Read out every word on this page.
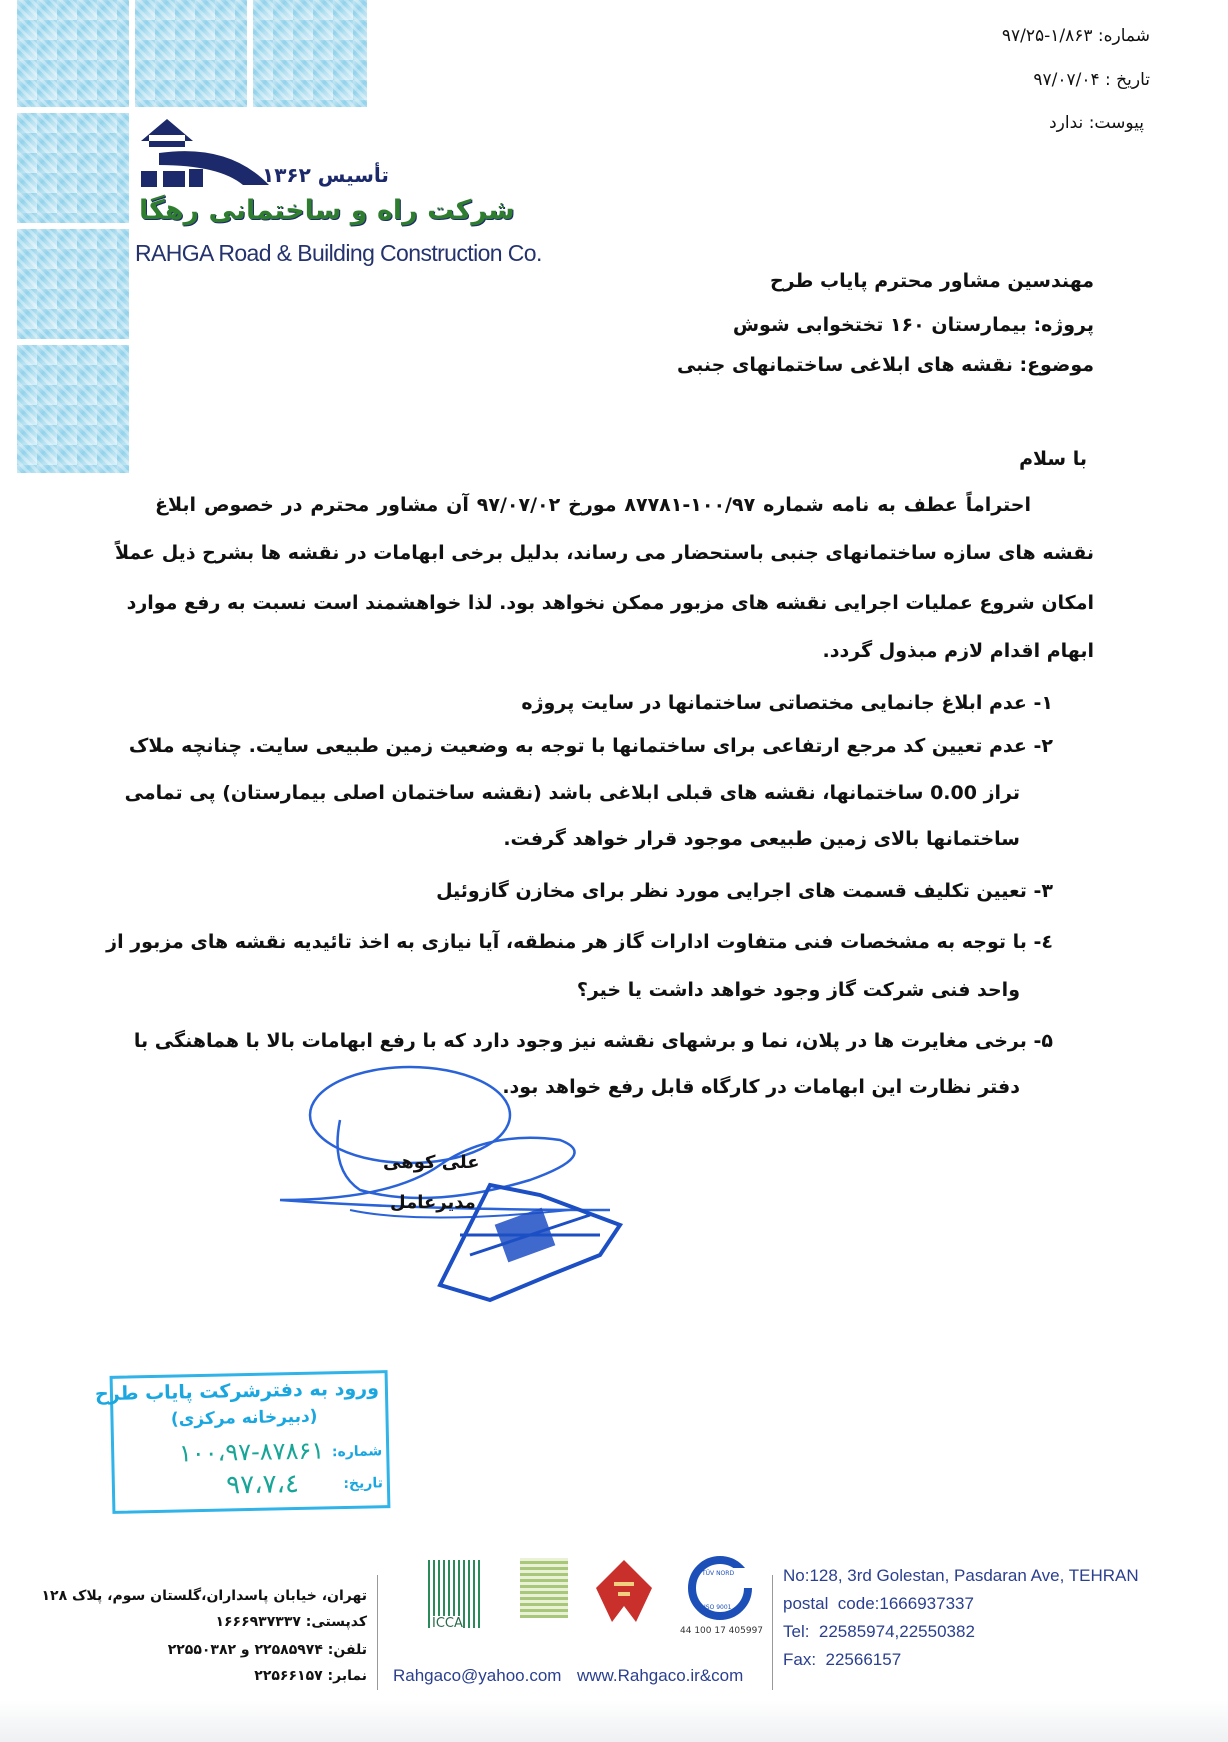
شماره: ۹۷/۲۵-۱/۸۶۳
تاریخ : ۹۷/۰۷/۰۴
پیوست: ندارد
تأسیس ۱۳۶۲
شرکت راه و ساختمانی رهگا
RAHGA Road & Building Construction Co.
مهندسین مشاور محترم پایاب طرح
پروژه: بیمارستان ۱۶۰ تختخوابی شوش
موضوع: نقشه های ابلاغی ساختمانهای جنبی
با سلام
احتراماً عطف به نامه شماره ۱۰۰/۹۷-۸۷۷۸۱ مورخ ۹۷/۰۷/۰۲ آن مشاور محترم در خصوص ابلاغ
نقشه های سازه ساختمانهای جنبی باستحضار می رساند، بدلیل برخی ابهامات در نقشه ها بشرح ذیل عملاً
امکان شروع عملیات اجرایی نقشه های مزبور ممکن نخواهد بود. لذا خواهشمند است نسبت به رفع موارد
ابهام اقدام لازم مبذول گردد.
۱- عدم ابلاغ جانمایی مختصاتی ساختمانها در سایت پروژه
۲- عدم تعیین کد مرجع ارتفاعی برای ساختمانها با توجه به وضعیت زمین طبیعی سایت. چنانچه ملاک
تراز 0.00 ساختمانها، نقشه های قبلی ابلاغی باشد (نقشه ساختمان اصلی بیمارستان) پی تمامی
ساختمانها بالای زمین طبیعی موجود قرار خواهد گرفت.
۳- تعیین تکلیف قسمت های اجرایی مورد نظر برای مخازن گازوئیل
٤- با توجه به مشخصات فنی متفاوت ادارات گاز هر منطقه، آیا نیازی به اخذ تائیدیه نقشه های مزبور از
واحد فنی شرکت گاز وجود خواهد داشت یا خیر؟
۵- برخی مغایرت ها در پلان، نما و برشهای نقشه نیز وجود دارد که با رفع ابهامات بالا با هماهنگی با
دفتر نظارت این ابهامات در کارگاه قابل رفع خواهد بود.
علی کوهی
مدیرعامل
ورود به دفترشرکت پایاب طرح
(دبیرخانه مرکزی)
شماره:
۱۰۰،۹۷-۸۷۸۶۱
تاریخ:
۹۷،۷،٤
تهران، خیابان پاسداران،گلستان سوم، پلاک ۱۲۸
کدپستی: ۱۶۶۶۹۳۷۳۳۷
تلفن: ۲۲۵۸۵۹۷۴ و ۲۲۵۵۰۳۸۲
نمابر: ۲۲۵۶۶۱۵۷
ICCA
TÜV NORD
ISO 9001
44 100 17 405997
Rahgaco@yahoo.com www.Rahgaco.ir&com
No:128, 3rd Golestan, Pasdaran Ave, TEHRAN
postal  code:1666937337
Tel:  22585974,22550382
Fax:  22566157
